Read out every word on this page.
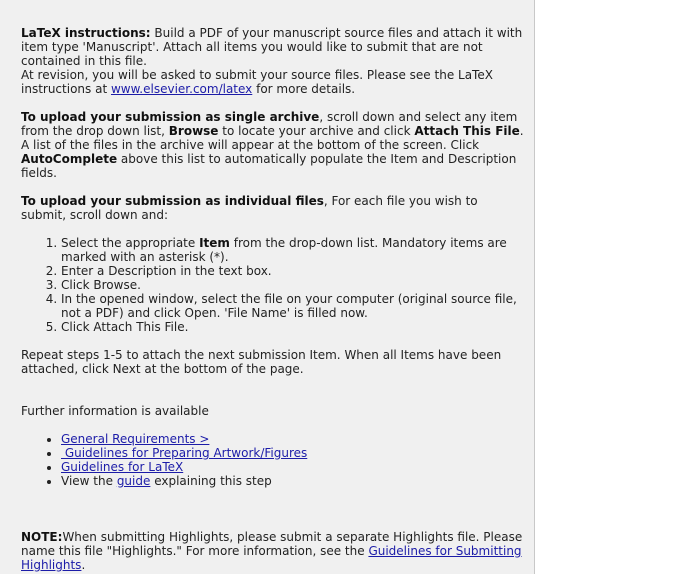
LaTeX instructions: Build a PDF of your manuscript source files and attach it with item type 'Manuscript'. Attach all items you would like to submit that are not contained in this file.
At revision, you will be asked to submit your source files. Please see the LaTeX instructions at www.elsevier.com/latex for more details.

To upload your submission as single archive, scroll down and select any item from the drop down list, Browse to locate your archive and click Attach This File. A list of the files in the archive will appear at the bottom of the screen. Click AutoComplete above this list to automatically populate the Item and Description fields.

To upload your submission as individual files, For each file you wish to submit, scroll down and:

1. Select the appropriate Item from the drop-down list. Mandatory items are marked with an asterisk (*).
2. Enter a Description in the text box.
3. Click Browse.
4. In the opened window, select the file on your computer (original source file, not a PDF) and click Open. 'File Name' is filled now.
5. Click Attach This File.

Repeat steps 1-5 to attach the next submission Item. When all Items have been attached, click Next at the bottom of the page.

Further information is available

• General Requirements >
•  Guidelines for Preparing Artwork/Figures
• Guidelines for LaTeX
• View the guide explaining this step

NOTE:When submitting Highlights, please submit a separate Highlights file. Please name this file "Highlights." For more information, see the Guidelines for Submitting Highlights.
